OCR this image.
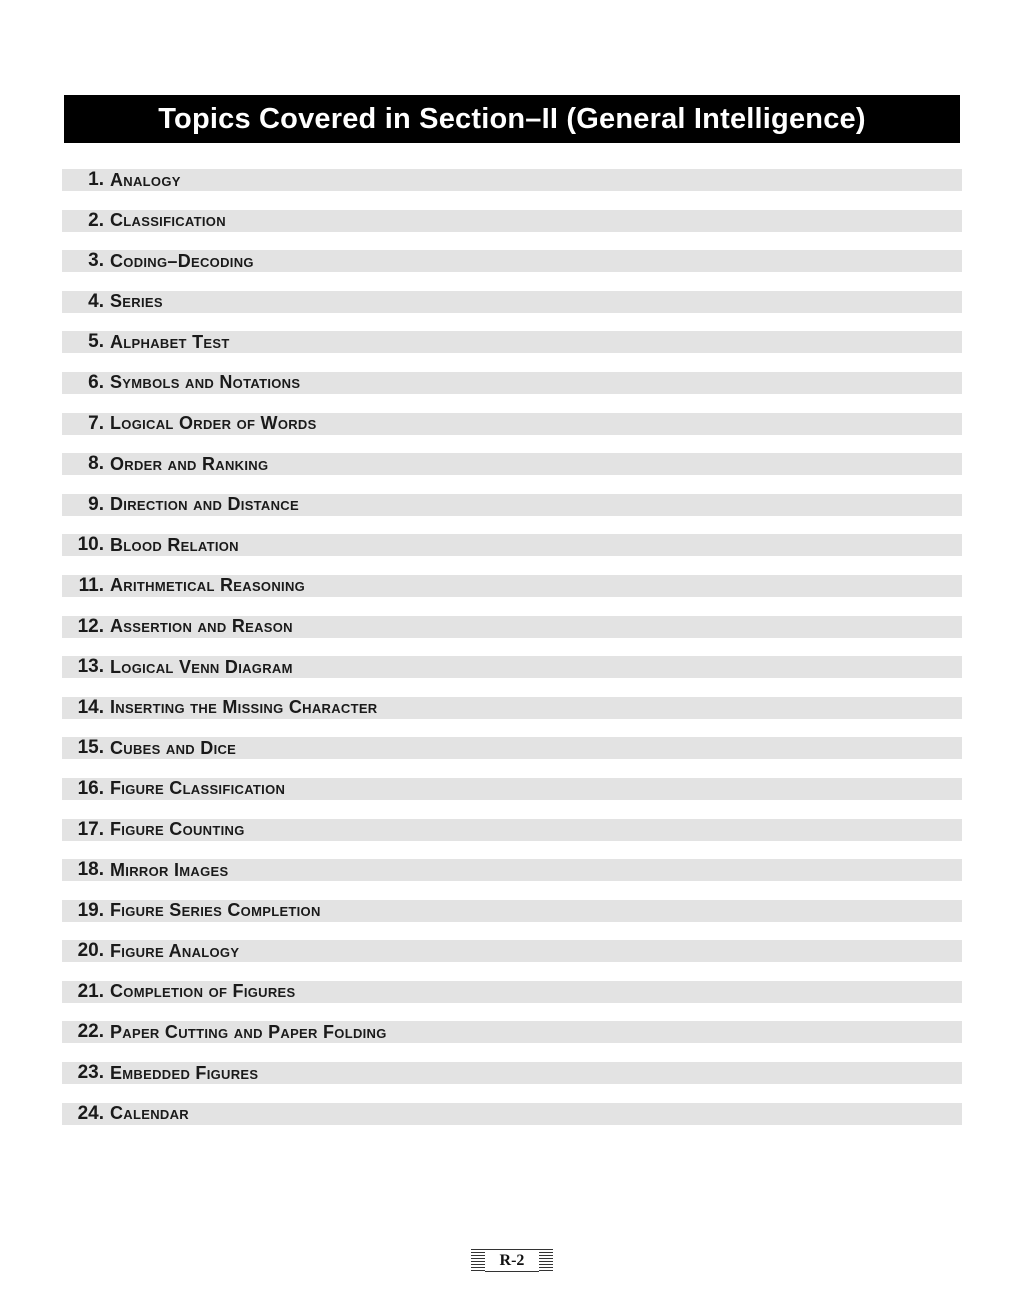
Topics Covered in Section–II (General Intelligence)
1. Analogy
2. Classification
3. Coding–Decoding
4. Series
5. Alphabet Test
6. Symbols and Notations
7. Logical Order of Words
8. Order and Ranking
9. Direction and Distance
10. Blood Relation
11. Arithmetical Reasoning
12. Assertion and Reason
13. Logical Venn Diagram
14. Inserting the Missing Character
15. Cubes and Dice
16. Figure Classification
17. Figure Counting
18. Mirror Images
19. Figure Series Completion
20. Figure Analogy
21. Completion of Figures
22. Paper Cutting and Paper Folding
23. Embedded Figures
24. Calendar
R-2
